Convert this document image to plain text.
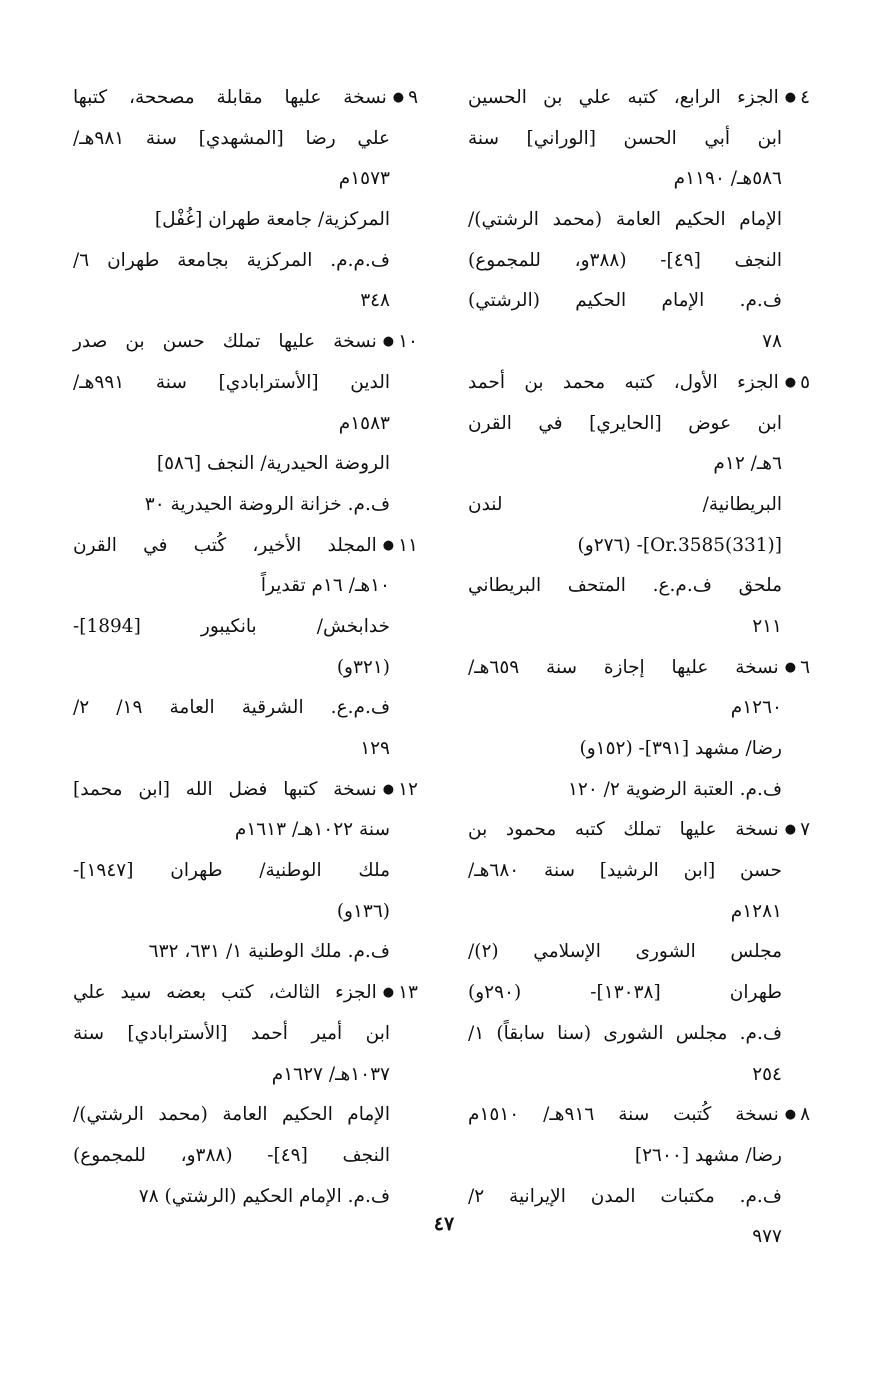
٤●الجزء الرابع، كتبه علي بن الحسين
ابن أبي الحسن [الوراني] سنة
٥٨٦هـ/ ١١٩٠م
الإمام الحكيم العامة (محمد الرشتي)/
النجف [٤٩]- (٣٨٨و، للمجموع)
ف.م. الإمام الحكيم (الرشتي)
٧٨
٥●الجزء الأول، كتبه محمد بن أحمد
ابن عوض [الحايري] في القرن
٦هـ/ ١٢م
البريطانية/ لندن
[Or.3585(331)]- (٢٧٦و)
ملحق ف.م.ع. المتحف البريطاني
٢١١
٦●نسخة عليها إجازة سنة ٦٥٩هـ/
١٢٦٠م
رضا/ مشهد [٣٩١]- (١٥٢و)
ف.م. العتبة الرضوية ٢/ ١٢٠
٧●نسخة عليها تملك كتبه محمود بن
حسن [ابن الرشيد] سنة ٦٨٠هـ/
١٢٨١م
مجلس الشورى الإسلامي (٢)/
طهران [١٣٠٣٨]- (٢٩٠و)
ف.م. مجلس الشورى (سنا سابقاً) ١/
٢٥٤
٨●نسخة كُتبت سنة ٩١٦هـ/ ١٥١٠م
رضا/ مشهد [٢٦٠٠]
ف.م. مكتبات المدن الإيرانية ٢/
٩٧٧
٩●نسخة عليها مقابلة مصححة، كتبها
علي رضا [المشهدي] سنة ٩٨١هـ/
١٥٧٣م
المركزية/ جامعة طهران [غُفْل]
ف.م.م. المركزية بجامعة طهران ٦/
٣٤٨
١٠●نسخة عليها تملك حسن بن صدر
الدين [الأسترابادي] سنة ٩٩١هـ/
١٥٨٣م
الروضة الحيدرية/ النجف [٥٨٦]
ف.م. خزانة الروضة الحيدرية ٣٠
١١●المجلد الأخير، كُتب في القرن
١٠هـ/ ١٦م تقديراً
خدابخش/ بانكيبور [1894]-
(٣٢١و)
ف.م.ع. الشرقية العامة ١٩/ ٢/
١٢٩
١٢●نسخة كتبها فضل الله [ابن محمد]
سنة ١٠٢٢هـ/ ١٦١٣م
ملك الوطنية/ طهران [١٩٤٧]-
(١٣٦و)
ف.م. ملك الوطنية ١/ ٦٣١، ٦٣٢
١٣●الجزء الثالث، كتب بعضه سيد علي
ابن أمير أحمد [الأسترابادي] سنة
١٠٣٧هـ/ ١٦٢٧م
الإمام الحكيم العامة (محمد الرشتي)/
النجف [٤٩]- (٣٨٨و، للمجموع)
ف.م. الإمام الحكيم (الرشتي) ٧٨
٤٧
